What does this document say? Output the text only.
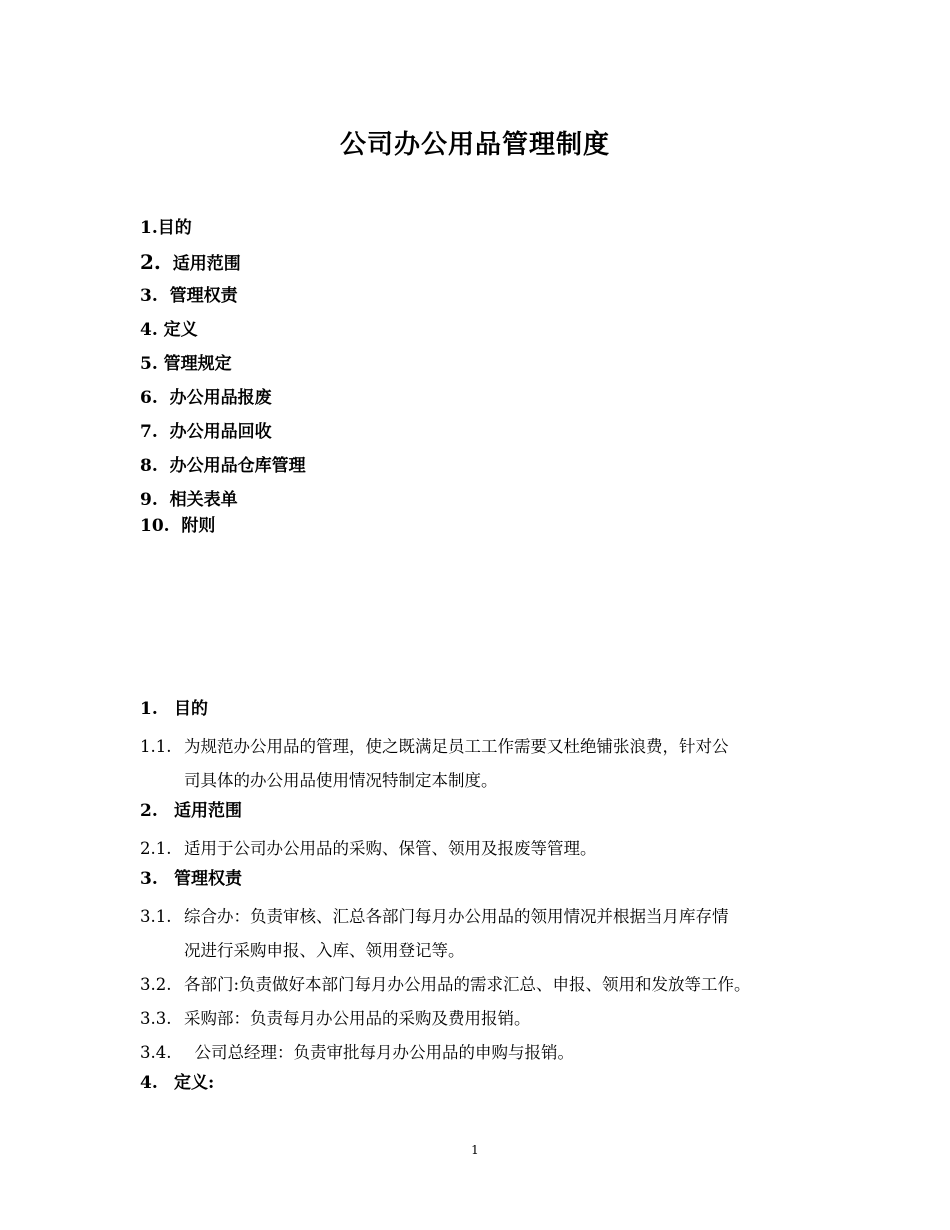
公司办公用品管理制度
1.目的
2. 适用范围
3. 管理权责
4. 定义
5. 管理规定
6. 办公用品报废
7. 办公用品回收
8. 办公用品仓库管理
9. 相关表单
10. 附则
1. 目的
1.1. 为规范办公用品的管理，使之既满足员工工作需要又杜绝铺张浪费，针对公
司具体的办公用品使用情况特制定本制度。
2. 适用范围
2.1. 适用于公司办公用品的采购、保管、领用及报废等管理。
3. 管理权责
3.1. 综合办：负责审核、汇总各部门每月办公用品的领用情况并根据当月库存情
况进行采购申报、入库、领用登记等。
3.2. 各部门:负责做好本部门每月办公用品的需求汇总、申报、领用和发放等工作。
3.3. 采购部：负责每月办公用品的采购及费用报销。
3.4. 公司总经理：负责审批每月办公用品的申购与报销。
4. 定义:
1
